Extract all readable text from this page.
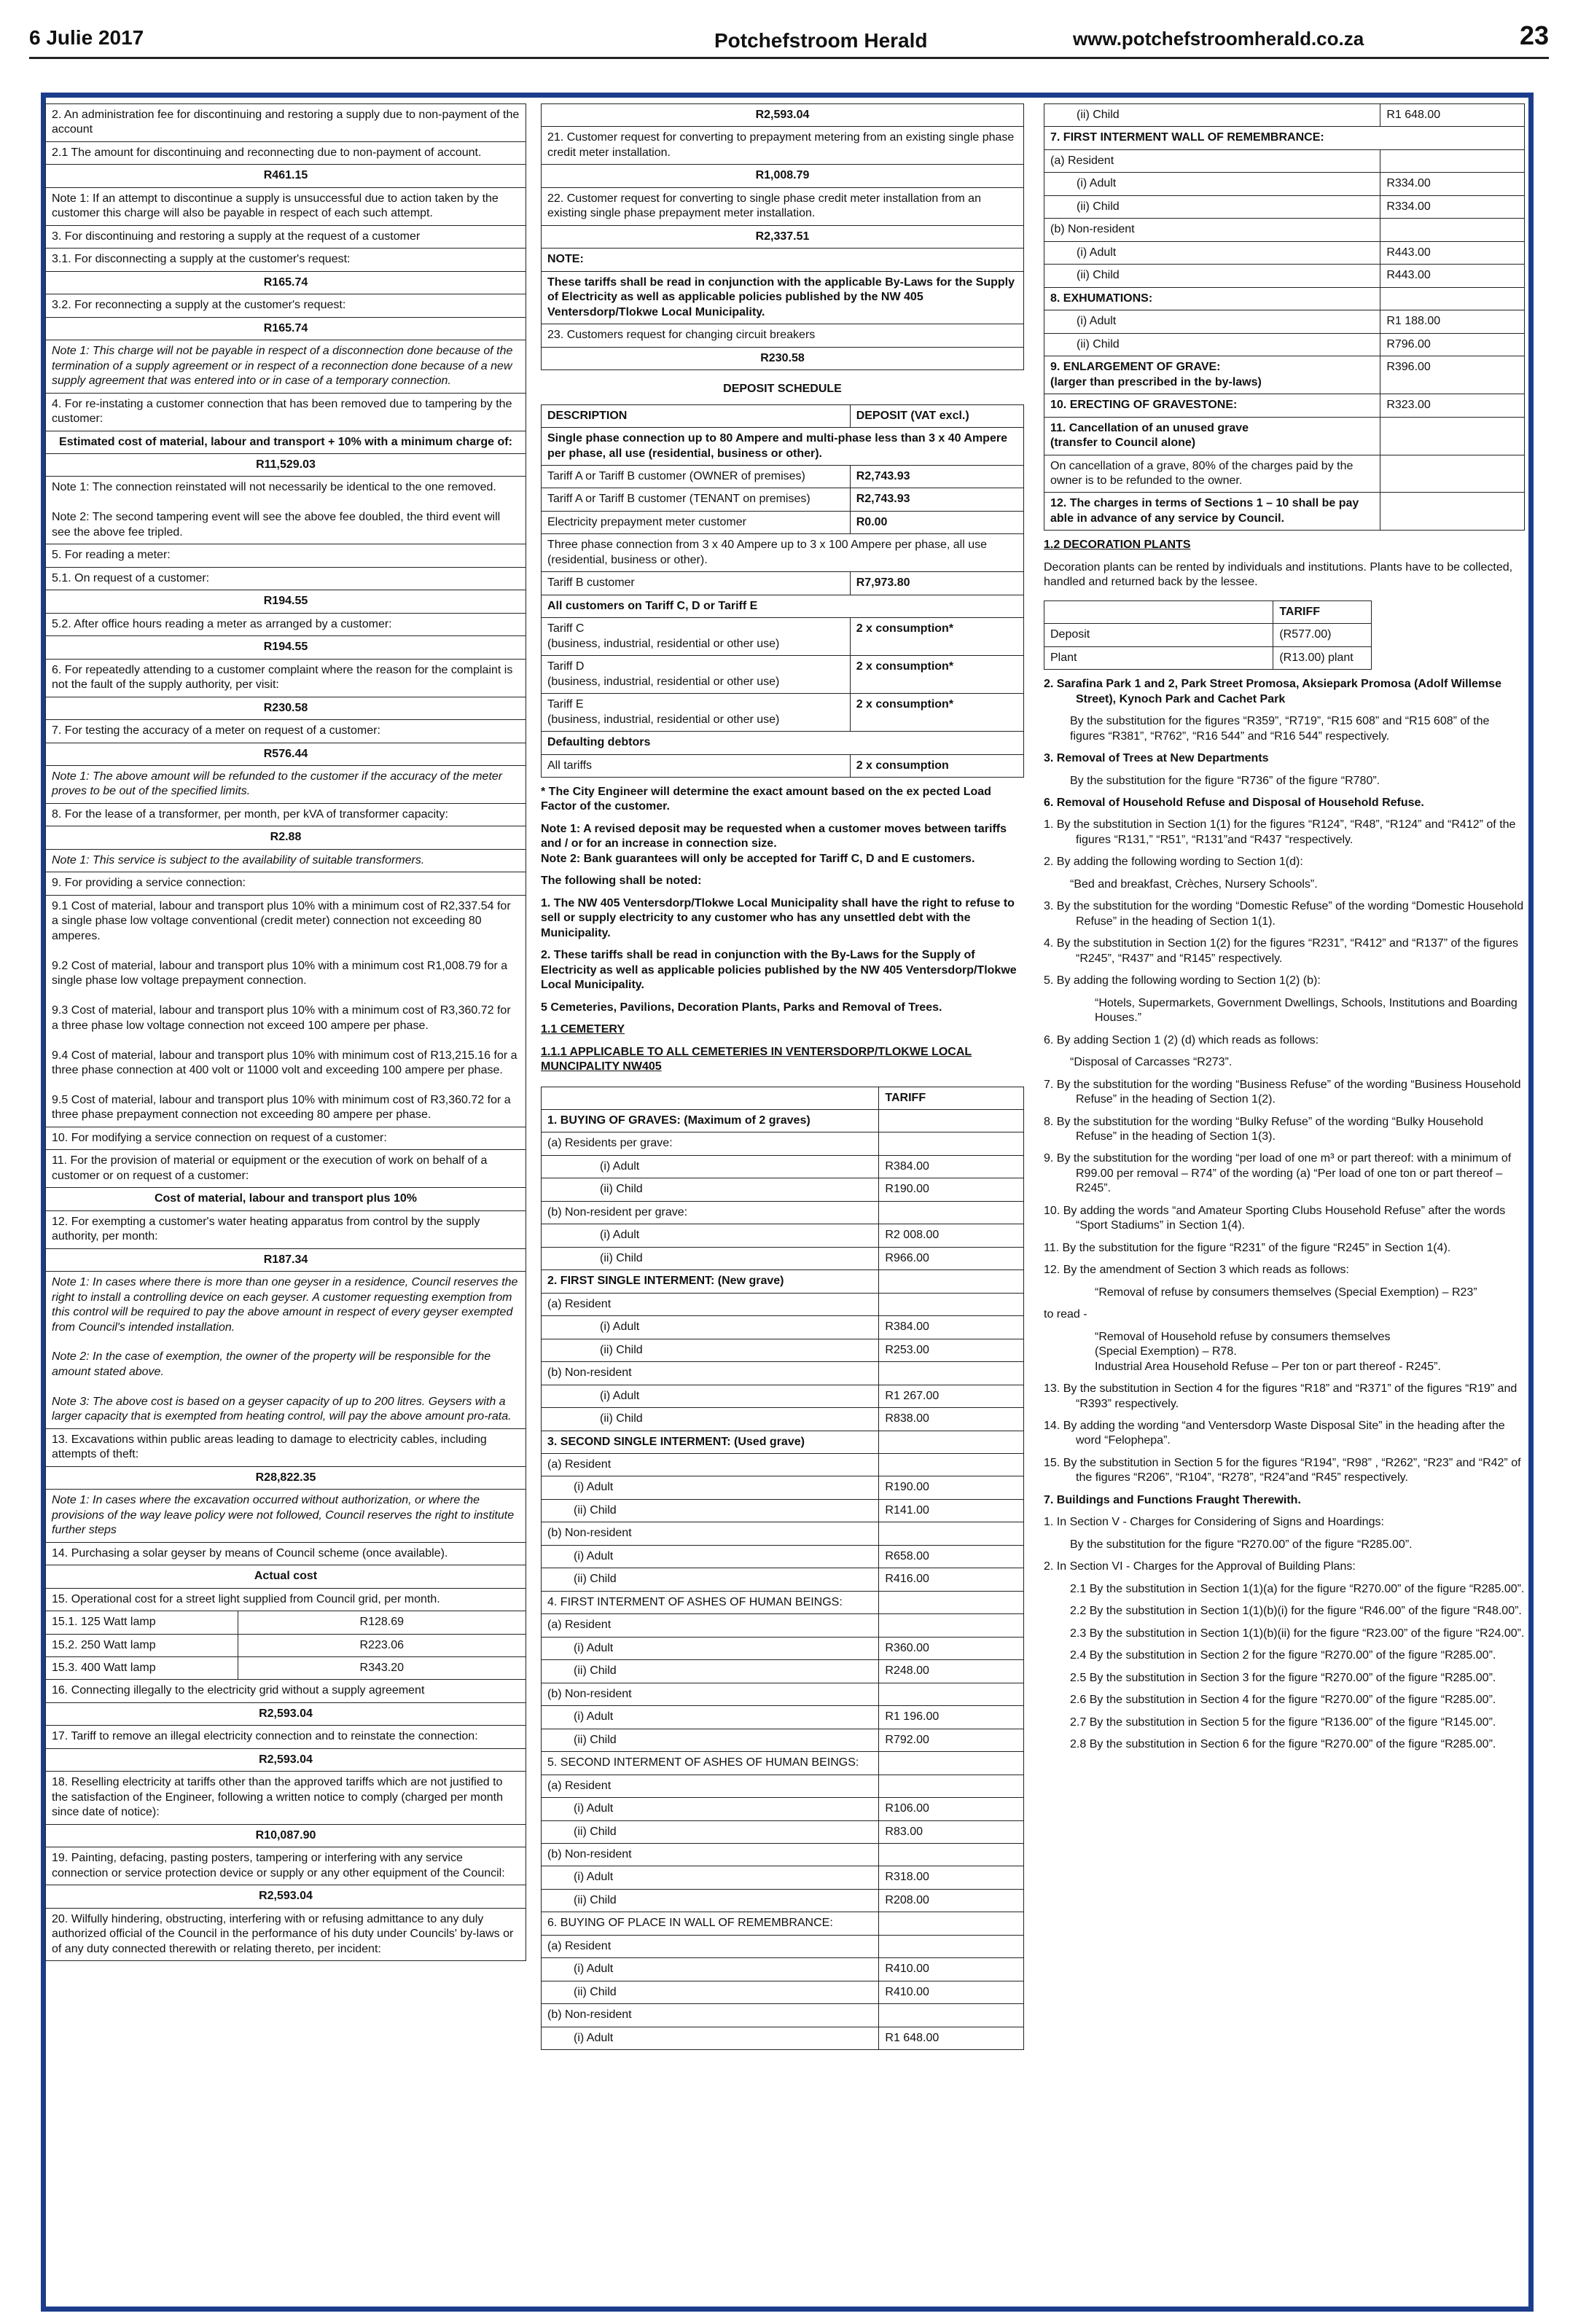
6 Julie 2017	Potchefstroom Herald	www.potchefstroomherald.co.za	23
2. An administration fee for discontinuing and restoring a supply due to non-payment of the account
2.1 The amount for discontinuing and reconnecting due to non-payment of account.
R461.15
Note 1: If an attempt to discontinue a supply is unsuccessful due to action taken by the customer this charge will also be payable in respect of each such attempt.
3. For discontinuing and restoring a supply at the request of a customer
3.1. For disconnecting a supply at the customer's request:
R165.74
3.2. For reconnecting a supply at the customer's request:
R165.74
Note 1: This charge will not be payable in respect of a disconnection done because of the termination of a supply agreement or in respect of a reconnection done because of a new supply agreement that was entered into or in case of a temporary connection.
4. For re-instating a customer connection that has been removed due to tampering by the customer:
Estimated cost of material, labour and transport + 10% with a minimum charge of:
R11,529.03
Note 1: The connection reinstated will not necessarily be identical to the one removed.

Note 2: The second tampering event will see the above fee doubled, the third event will see the above fee tripled.
5. For reading a meter:
5.1. On request of a customer:
R194.55
5.2. After office hours reading a meter as arranged by a customer:
R194.55
6. For repeatedly attending to a customer complaint where the reason for the complaint is not the fault of the supply authority, per visit:
R230.58
7. For testing the accuracy of a meter on request of a customer:
R576.44
Note 1: The above amount will be refunded to the customer if the accuracy of the meter proves to be out of the specified limits.
8. For the lease of a transformer, per month, per kVA of transformer capacity:
R2.88
Note 1: This service is subject to the availability of suitable transformers.
9. For providing a service connection:
9.1 Cost of material, labour and transport plus 10% with a minimum cost of R2,337.54 for a single phase low voltage conventional (credit meter) connection not exceeding 80 amperes.

9.2 Cost of material, labour and transport plus 10% with a minimum cost R1,008.79 for a single phase low voltage prepayment connection.

9.3 Cost of material, labour and transport plus 10% with a minimum cost of R3,360.72 for a three phase low voltage connection not exceed 100 ampere per phase.

9.4 Cost of material, labour and transport plus 10% with minimum cost of R13,215.16 for a three phase connection at 400 volt or 11000 volt and exceeding 100 ampere per phase.

9.5 Cost of material, labour and transport plus 10% with minimum cost of R3,360.72 for a three phase prepayment connection not exceeding 80 ampere per phase.
10. For modifying a service connection on request of a customer:
11. For the provision of material or equipment or the execution of work on behalf of a customer or on request of a customer:
Cost of material, labour and transport plus 10%
12. For exempting a customer's water heating apparatus from control by the supply authority, per month:
R187.34
Note 1: In cases where there is more than one geyser in a residence, Council reserves the right to install a controlling device on each geyser. A customer requesting exemption from this control will be required to pay the above amount in respect of every geyser exempted from Council's intended installation.

Note 2: In the case of exemption, the owner of the property will be responsible for the amount stated above.

Note 3: The above cost is based on a geyser capacity of up to 200 litres. Geysers with a larger capacity that is exempted from heating control, will pay the above amount pro-rata.
13. Excavations within public areas leading to damage to electricity cables, including attempts of theft:
R28,822.35
Note 1: In cases where the excavation occurred without authorization, or where the provisions of the way leave policy were not followed, Council reserves the right to institute further steps
14. Purchasing a solar geyser by means of Council scheme (once available).
Actual cost
15. Operational cost for a street light supplied from Council grid, per month.
15.1. 125 Watt lamp	R128.69
15.2. 250 Watt lamp	R223.06
15.3. 400 Watt lamp	R343.20
16. Connecting illegally to the electricity grid without a supply agreement
R2,593.04
17. Tariff to remove an illegal electricity connection and to reinstate the connection:
R2,593.04
18. Reselling electricity at tariffs other than the approved tariffs which are not justified to the satisfaction of the Engineer, following a written notice to comply (charged per month since date of notice):
R10,087.90
19. Painting, defacing, pasting posters, tampering or interfering with any service connection or service protection device or supply or any other equipment of the Council:
R2,593.04
20. Wilfully hindering, obstructing, interfering with or refusing admittance to any duly authorized official of the Council in the performance of his duty under Councils' by-laws or of any duty connected therewith or relating thereto, per incident:
R2,593.04
21. Customer request for converting to prepayment metering from an existing single phase credit meter installation.
R1,008.79
22. Customer request for converting to single phase credit meter installation from an existing single phase prepayment meter installation.
R2,337.51
NOTE:
These tariffs shall be read in conjunction with the applicable By-Laws for the Supply of Electricity as well as applicable policies published by the NW 405 Ventersdorp/Tlokwe Local Municipality.
23. Customers request for changing circuit breakers
R230.58
DEPOSIT SCHEDULE
DESCRIPTION	DEPOSIT (VAT excl.)
Single phase connection up to 80 Ampere and multi-phase less than 3 x 40 Ampere per phase, all use (residential, business or other).	
Tariff A or Tariff B customer (OWNER of premises)	R2,743.93
Tariff A or Tariff B customer (TENANT on premises)	R2,743.93
Electricity prepayment meter customer	R0.00
Three phase connection from 3 x 40 Ampere up to 3 x 100 Ampere per phase, all use (residential, business or other).	
Tariff B customer	R7,973.80
All customers on Tariff C, D or Tariff E	
Tariff C
(business, industrial, residential or other use)	2 x consumption*
Tariff D
(business, industrial, residential or other use)	2 x consumption*
Tariff E
(business, industrial, residential or other use)	2 x consumption*
Defaulting debtors	
All tariffs	2 x consumption
* The City Engineer will determine the exact amount based on the ex pected Load Factor of the customer.
Note 1: A revised deposit may be requested when a customer moves between tariffs and / or for an increase in connection size.
Note 2: Bank guarantees will only be accepted for Tariff C, D and E customers.
The following shall be noted:
1. The NW 405 Ventersdorp/Tlokwe Local Municipality shall have the right to refuse to sell or supply electricity to any customer who has any unsettled debt with the Municipality.
2. These tariffs shall be read in conjunction with the By-Laws for the Supply of Electricity as well as applicable policies published by the NW 405 Ventersdorp/Tlokwe Local Municipality.
5 Cemeteries, Pavilions, Decoration Plants, Parks and Removal of Trees.
1.1 CEMETERY
1.1.1 APPLICABLE TO ALL CEMETERIES IN VENTERSDORP/TLOKWE LOCAL MUNCIPALITY NW405
	TARIFF
1. BUYING OF GRAVES: (Maximum of 2 graves)	
(a) Residents per grave:	
(i) Adult	R384.00
(ii) Child	R190.00
(b) Non-resident per grave:	
(i) Adult	R2 008.00
(ii) Child	R966.00
2. FIRST SINGLE INTERMENT: (New grave)	
(a) Resident	
(i) Adult	R384.00
(ii) Child	R253.00
(b) Non-resident	
(i) Adult	R1 267.00
(ii) Child	R838.00
3. SECOND SINGLE INTERMENT: (Used grave)	
(a) Resident	
(i) Adult	R190.00
(ii) Child	R141.00
(b) Non-resident	
(i) Adult	R658.00
(ii) Child	R416.00
4. FIRST INTERMENT OF ASHES OF HUMAN BEINGS:	
(a) Resident	
(i) Adult	R360.00
(ii) Child	R248.00
(b) Non-resident	
(i) Adult	R1 196.00
(ii) Child	R792.00
5. SECOND INTERMENT OF ASHES OF HUMAN BEINGS:	
(a) Resident	
(i) Adult	R106.00
(ii) Child	R83.00
(b) Non-resident	
(i) Adult	R318.00
(ii) Child	R208.00
6. BUYING OF PLACE IN WALL OF REMEMBRANCE:	
(a) Resident	
(i) Adult	R410.00
(ii) Child	R410.00
(b) Non-resident	
(i) Adult	R1 648.00
(ii) Child	R1 648.00
7. FIRST INTERMENT WALL OF REMEMBRANCE:	
(a) Resident	
(i) Adult	R334.00
(ii) Child	R334.00
(b) Non-resident	
(i) Adult	R443.00
(ii) Child	R443.00
8. EXHUMATIONS:	
(i) Adult	R1 188.00
(ii) Child	R796.00
9. ENLARGEMENT OF GRAVE:
(larger than prescribed in the by-laws)	R396.00
10. ERECTING OF GRAVESTONE:	R323.00
11. Cancellation of an unused grave
(transfer to Council alone)	
On cancellation of a grave, 80% of the charges paid by the owner is to be refunded to the owner.	
12. The charges in terms of Sections 1 – 10 shall be pay able in advance of any service by Council.	
1.2 DECORATION PLANTS
Decoration plants can be rented by individuals and institutions. Plants have to be collected, handled and returned back by the lessee.
	TARIFF
Deposit	(R577.00)
Plant	(R13.00) plant
2. Sarafina Park 1 and 2, Park Street Promosa, Aksiepark Promosa (Adolf Willemse Street), Kynoch Park and Cachet Park
By the substitution for the figures “R359”, “R719”, “R15 608” and “R15 608” of the figures “R381”, “R762”, “R16 544” and “R16 544” respectively.
3. Removal of Trees at New Departments
By the substitution for the figure “R736” of the figure “R780”.
6. Removal of Household Refuse and Disposal of Household Refuse.
1. By the substitution in Section 1(1) for the figures “R124”, “R48”, “R124” and “R412” of the figures “R131,” “R51”, “R131”and “R437 “respectively.
2. By adding the following wording to Section 1(d):
“Bed and breakfast, Crèches, Nursery Schools”.
3. By the substitution for the wording “Domestic Refuse” of the wording “Domestic Household Refuse” in the heading of Section 1(1).
4. By the substitution in Section 1(2) for the figures “R231”, “R412” and “R137” of the figures “R245”, “R437” and “R145” respectively.
5. By adding the following wording to Section 1(2) (b):
“Hotels, Supermarkets, Government Dwellings, Schools, Institutions and Boarding Houses.”
6. By adding Section 1 (2) (d) which reads as follows:
“Disposal of Carcasses “R273”.
7. By the substitution for the wording “Business Refuse” of the wording “Business Household Refuse” in the heading of Section 1(2).
8. By the substitution for the wording “Bulky Refuse” of the wording “Bulky Household Refuse” in the heading of Section 1(3).
9. By the substitution for the wording “per load of one m³ or part thereof: with a minimum of R99.00 per removal – R74” of the wording (a) “Per load of one ton or part thereof – R245”.
10. By adding the words “and Amateur Sporting Clubs Household Refuse” after the words “Sport Stadiums” in Section 1(4).
11. By the substitution for the figure “R231” of the figure “R245” in Section 1(4).
12. By the amendment of Section 3 which reads as follows:
“Removal of refuse by consumers themselves (Special Exemption) – R23”
to read -
“Removal of Household refuse by consumers themselves
(Special Exemption) – R78.
Industrial Area Household Refuse – Per ton or part thereof - R245”.
13. By the substitution in Section 4 for the figures “R18” and “R371” of the figures “R19” and “R393” respectively.
14. By adding the wording “and Ventersdorp Waste Disposal Site” in the heading after the word “Felophepa”.
15. By the substitution in Section 5 for the figures “R194”, “R98” , “R262”, “R23” and “R42” of the figures “R206”, “R104”, “R278”, “R24”and “R45” respectively.
7. Buildings and Functions Fraught Therewith.
1. In Section V - Charges for Considering of Signs and Hoardings:
By the substitution for the figure “R270.00” of the figure “R285.00”.
2. In Section VI - Charges for the Approval of Building Plans:
2.1 By the substitution in Section 1(1)(a) for the figure “R270.00” of the figure “R285.00”.
2.2 By the substitution in Section 1(1)(b)(i) for the figure “R46.00” of the figure “R48.00”.
2.3 By the substitution in Section 1(1)(b)(ii) for the figure “R23.00” of the figure “R24.00”.
2.4 By the substitution in Section 2 for the figure “R270.00” of the figure “R285.00”.
2.5 By the substitution in Section 3 for the figure “R270.00” of the figure “R285.00”.
2.6 By the substitution in Section 4 for the figure “R270.00” of the figure “R285.00”.
2.7 By the substitution in Section 5 for the figure “R136.00” of the figure “R145.00”.
2.8 By the substitution in Section 6 for the figure “R270.00” of the figure “R285.00”.
